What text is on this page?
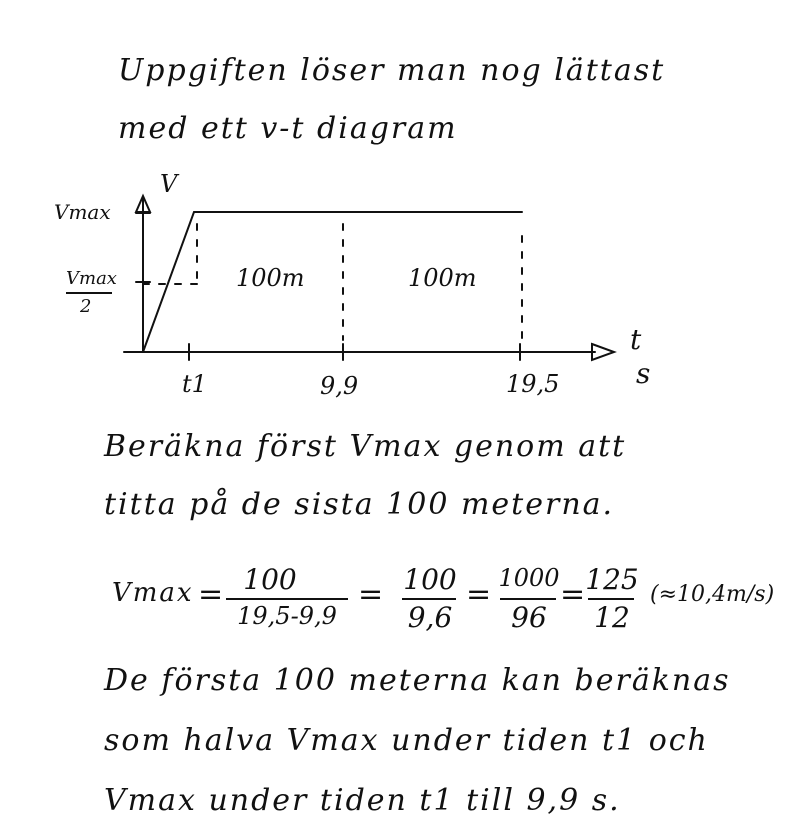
Uppgiften löser man nog lättast
med ett v-t diagram
V
Vmax
Vmax
2
100m	100m
t
s
t1	9,9	19,5
Beräkna först Vmax genom att
titta på de sista 100 meterna.
Vmax = 100
19,5-9,9
= 100
9,6
= 1000
96
=
125
12
(≈10,4m/s)
De första 100 meterna kan beräknas
som halva Vmax under tiden t1 och
Vmax under tiden t1 till 9,9 s.
